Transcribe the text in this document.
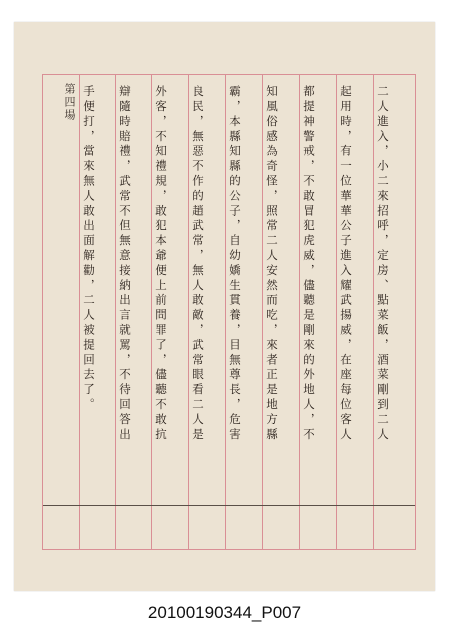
第四場	二人進入，小二來招呼，定房、點菜飯，酒菜剛到二人
起用時，有一位華華公子進入耀武揚威，在座每位客人
都提神警戒，不敢冒犯虎威，儘聽是剛來的外地人，不
知風俗感為奇怪，照常二人安然而吃，來者正是地方縣
霸，本縣知縣的公子，自幼嬌生貫養，目無尊長，危害
良民，無惡不作的趙武常，無人敢敵，武常眼看二人是
外客，不知禮規，敢犯本爺便上前問罪了，儘聽不敢抗
辯隨時賠禮，武常不但無意接納出言就罵，不待回答出
手便打，當來無人敢出面解勸，二人被提回去了。
20100190344_P007
